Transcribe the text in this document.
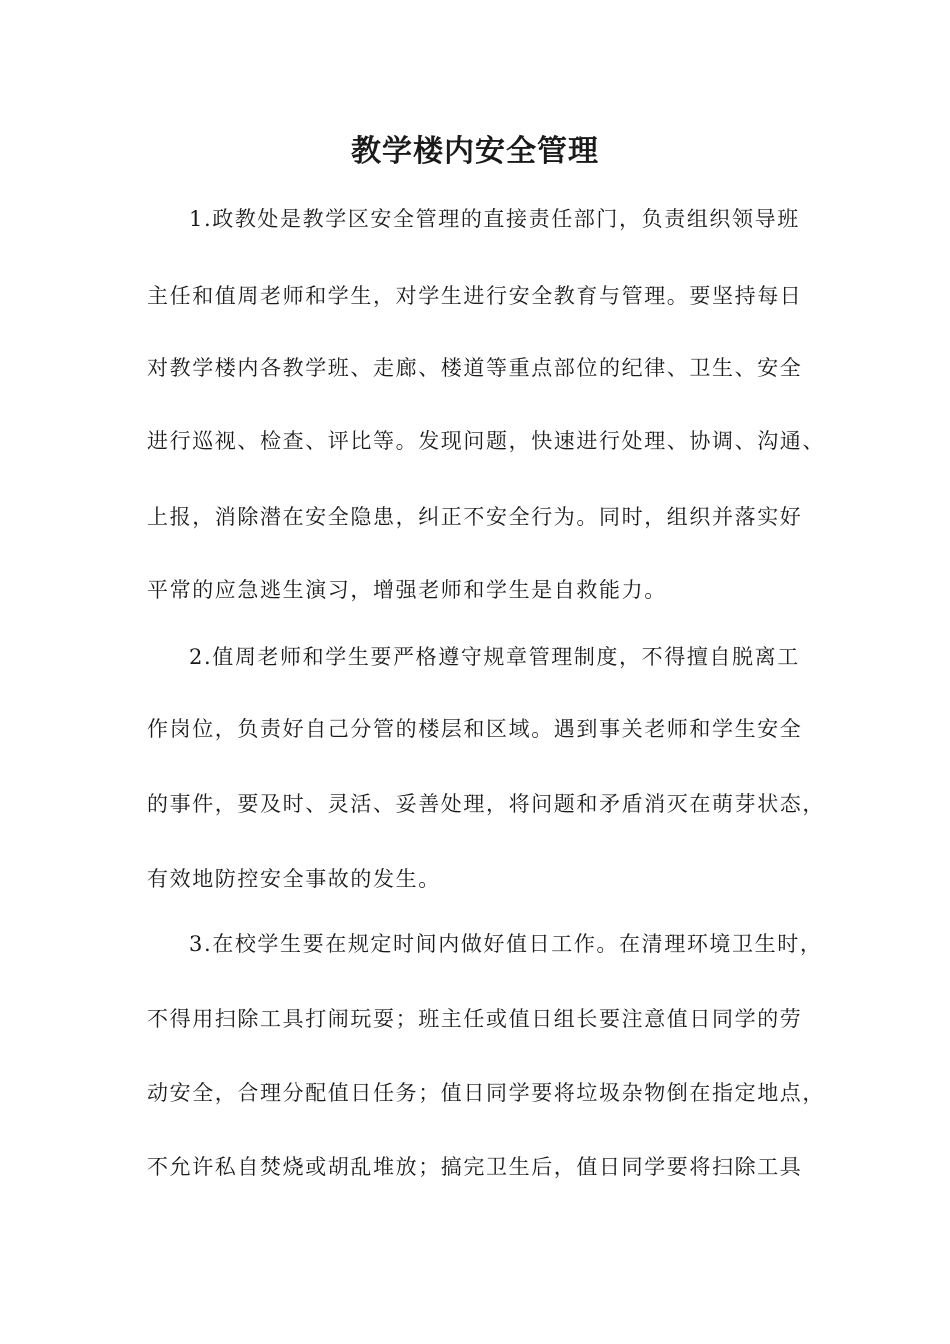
教学楼内安全管理
1.政教处是教学区安全管理的直接责任部门，负责组织领导班
主任和值周老师和学生，对学生进行安全教育与管理。要坚持每日
对教学楼内各教学班、走廊、楼道等重点部位的纪律、卫生、安全
进行巡视、检查、评比等。发现问题，快速进行处理、协调、沟通、
上报，消除潜在安全隐患，纠正不安全行为。同时，组织并落实好
平常的应急逃生演习，增强老师和学生是自救能力。
2.值周老师和学生要严格遵守规章管理制度，不得擅自脱离工
作岗位，负责好自己分管的楼层和区域。遇到事关老师和学生安全
的事件，要及时、灵活、妥善处理，将问题和矛盾消灭在萌芽状态，
有效地防控安全事故的发生。
3.在校学生要在规定时间内做好值日工作。在清理环境卫生时，
不得用扫除工具打闹玩耍；班主任或值日组长要注意值日同学的劳
动安全，合理分配值日任务；值日同学要将垃圾杂物倒在指定地点，
不允许私自焚烧或胡乱堆放；搞完卫生后，值日同学要将扫除工具
